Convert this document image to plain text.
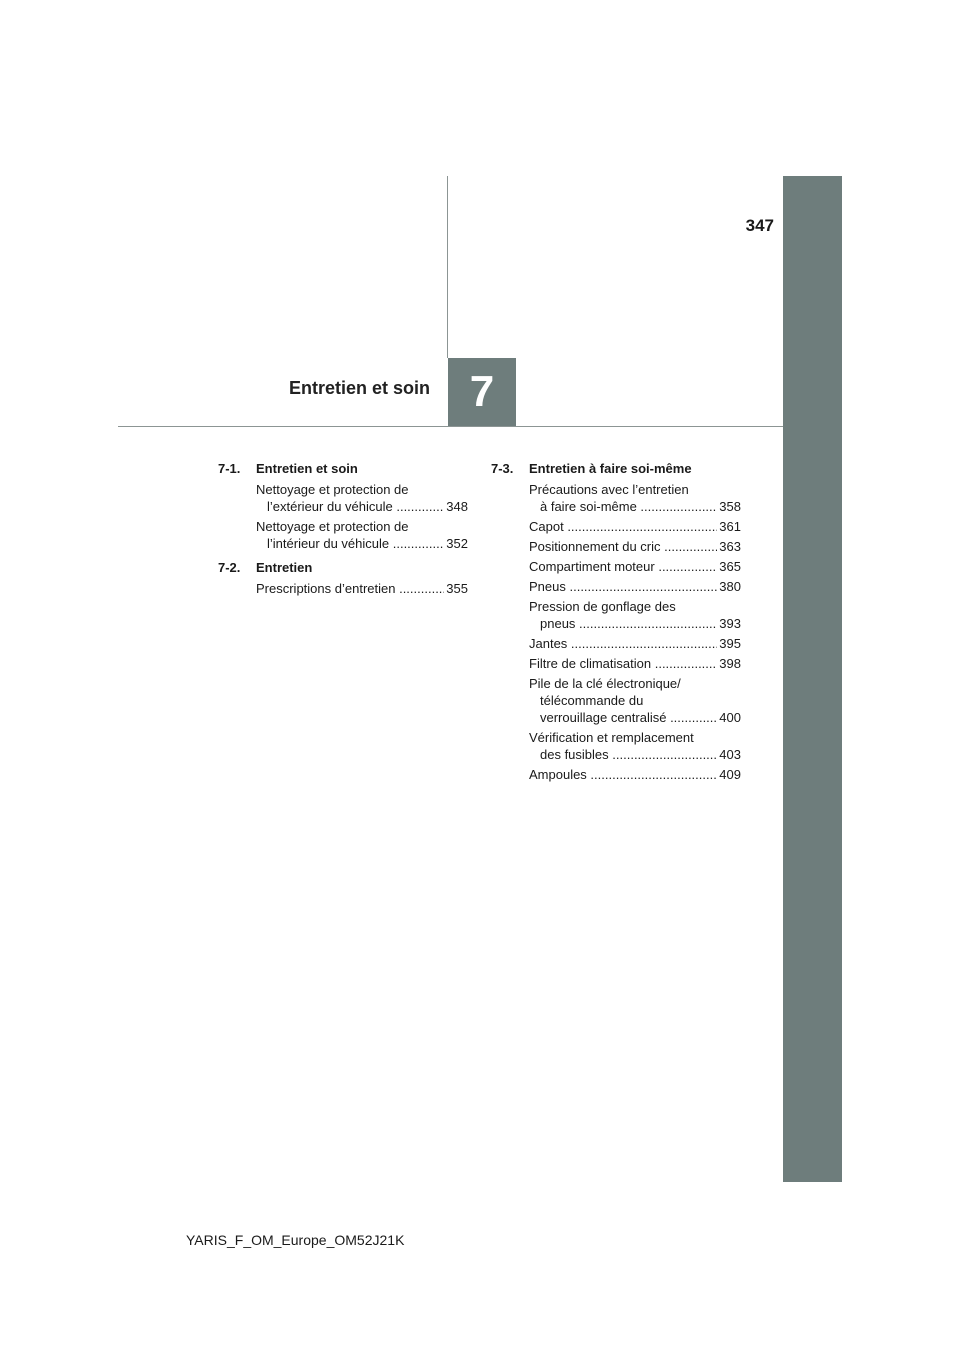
347
Entretien et soin 7
7-1.	Entretien et soin
Nettoyage et protection de
l’extérieur du véhicule .....	348
Nettoyage et protection de
l’intérieur du véhicule .....	352
7-2.	Entretien
Prescriptions d’entretien .....	355
7-3.	Entretien à faire soi-même
Précautions avec l’entretien
à faire soi-même .....	358
Capot .....	361
Positionnement du cric .....	363
Compartiment moteur .....	365
Pneus .....	380
Pression de gonflage des
pneus .....	393
Jantes .....	395
Filtre de climatisation .....	398
Pile de la clé électronique/
télécommande du
verrouillage centralisé .....	400
Vérification et remplacement
des fusibles .....	403
Ampoules .....	409
YARIS_F_OM_Europe_OM52J21K
